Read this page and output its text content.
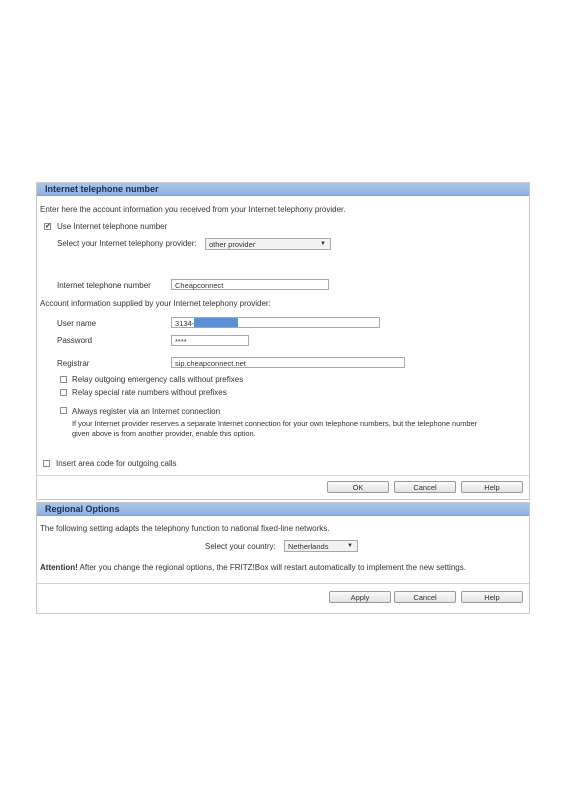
Internet telephone number
Enter here the account information you received from your Internet telephony provider.
✔ Use Internet telephone number
Select your Internet telephony provider:	other provider	▼
Internet telephone number	Cheapconnect
Account information supplied by your Internet telephony provider:
User name	3134-
Password	****
Registrar	sip.cheapconnect.net
Relay outgoing emergency calls without prefixes
Relay special rate numbers without prefixes
Always register via an Internet connection
If your Internet provider reserves a separate Internet connection for your own telephone numbers, but the telephone number
given above is from another provider, enable this option.
Insert area code for outgoing calls
OK	Cancel	Help
Regional Options
The following setting adapts the telephony function to national fixed-line networks.
Select your country:	Netherlands	▼
Attention! After you change the regional options, the FRITZ!Box will restart automatically to implement the new settings.
Apply	Cancel	Help
